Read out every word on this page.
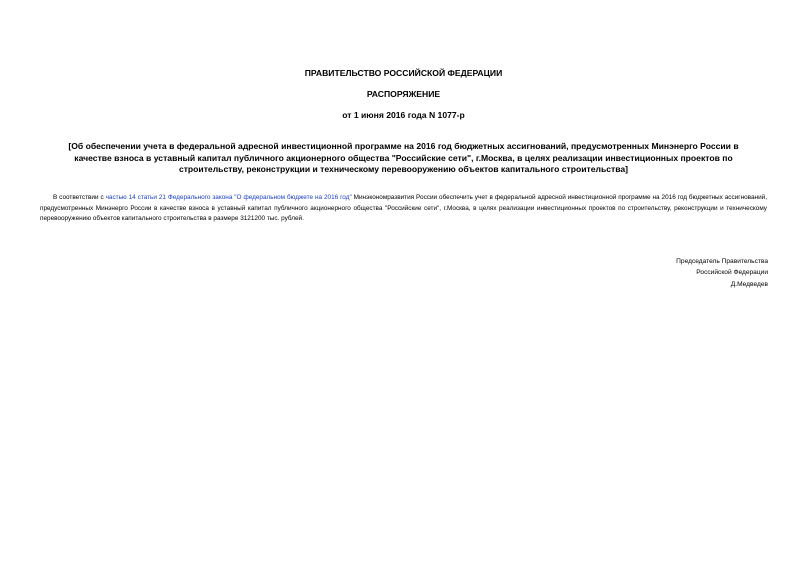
ПРАВИТЕЛЬСТВО РОССИЙСКОЙ ФЕДЕРАЦИИ
РАСПОРЯЖЕНИЕ
от 1 июня 2016 года N 1077-р
[Об обеспечении учета в федеральной адресной инвестиционной программе на 2016 год бюджетных ассигнований, предусмотренных Минэнерго России в качестве взноса в уставный капитал публичного акционерного общества "Российские сети", г.Москва, в целях реализации инвестиционных проектов по строительству, реконструкции и техническому перевооружению объектов капитального строительства]
В соответствии с частью 14 статьи 21 Федерального закона "О федеральном бюджете на 2016 год" Минэкономразвития России обеспечить учет в федеральной адресной инвестиционной программе на 2016 год бюджетных ассигнований, предусмотренных Минэнерго России в качестве взноса в уставный капитал публичного акционерного общества "Российские сети", г.Москва, в целях реализации инвестиционных проектов по строительству, реконструкции и техническому перевооружению объектов капитального строительства в размере 3121200 тыс. рублей.
Председатель Правительства
Российской Федерации
Д.Медведев
